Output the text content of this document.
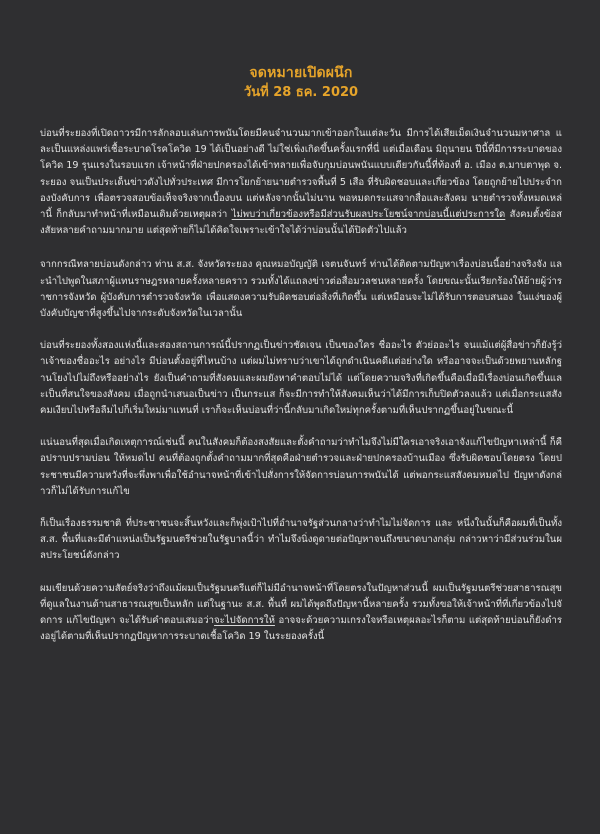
จดหมายเปิดผนึก
วันที่ 28 ธค. 2020

บ่อนที่ระยองที่เปิดถาวรมีการลักลอบเล่นการพนันโดยมีคนจำนวนมากเข้าออกในแต่ละวัน มีการได้เสียเม็ดเงินจำนวนมหาศาล และเป็นแหล่งแพร่เชื้อระบาดโรคโควิด 19 ได้เป็นอย่างดี ไม่ใช่เพิ่งเกิดขึ้นครั้งแรกที่นี่ แต่เมื่อเดือน มิถุนายน ปีนี้ที่มีการระบาดของโควิด 19 รุนแรงในรอบแรก เจ้าหน้าที่ฝ่ายปกครองได้เข้าทลายเพื่อจับกุมบ่อนพนันแบบเดียวกันนี้ที่ท้องที่ อ. เมือง ต.มาบตาพุด จ. ระยอง จนเป็นประเด็นข่าวดังไปทั่วประเทศ มีการโยกย้ายนายตำรวจพื้นที่ 5 เสือ ที่รับผิดชอบและเกี่ยวข้อง โดยถูกย้ายไปประจำกองบังคับการ เพื่อตรวจสอบข้อเท็จจริงจากเบื้องบน แต่หลังจากนั้นไม่นาน พอหมดกระแสจากสื่อและสังคม นายตำรวจทั้งหมดเหล่านี้ ก็กลับมาทำหน้าที่เหมือนเดิมด้วยเหตุผลว่า ไม่พบว่าเกี่ยวข้องหรือมีส่วนรับผลประโยชน์จากบ่อนนี้แต่ประการใด สังคมตั้งข้อสงสัยหลายคำถามมากมาย แต่สุดท้ายก็ไม่ได้คิดใจเพราะเข้าใจได้ว่าบ่อนนั้นได้ปิดตัวไปแล้ว

จากกรณีทลายบ่อนดังกล่าว ท่าน ส.ส. จังหวัดระยอง คุณหมอบัญญัติ เจตนจันทร์ ท่านได้ติดตามปัญหาเรื่องบ่อนนี้อย่างจริงจัง และนำไปพูดในสภาผู้แทนราษฎรหลายครั้งหลายคราว รวมทั้งได้แถลงข่าวต่อสื่อมวลชนหลายครั้ง โดยขณะนั้นเรียกร้องให้ย้ายผู้ว่าราชการจังหวัด ผู้บังคับการตำรวจจังหวัด เพื่อแสดงความรับผิดชอบต่อสิ่งที่เกิดขึ้น แต่เหมือนจะไม่ได้รับการตอบสนอง ในแง่ของผู้บังคับบัญชาที่สูงขึ้นไปจากระดับจังหวัดในเวลานั้น

บ่อนที่ระยองทั้งสองแห่งนี้และสองสถานการณ์นี้ปรากฏเป็นข่าวชัดเจน เป็นของใคร ชื่ออะไร ตัวย่ออะไร จนแม้แต่ผู้สื่อข่าวก็ยังรู้ว่าเจ้าของชื่ออะไร อย่างไร มีบ่อนตั้งอยู่ที่ไหนบ้าง แต่ผมไม่ทราบว่าเขาได้ถูกดำเนินคดีแต่อย่างใด หรืออาจจะเป็นด้วยพยานหลักฐานโยงไปไม่ถึงหรืออย่างไร ยังเป็นคำถามที่สังคมและผมยังหาคำตอบไม่ได้ แต่โดยความจริงที่เกิดขึ้นคือเมื่อมีเรื่องบ่อนเกิดขึ้นและเป็นที่สนใจของสังคม เมื่อถูกนำเสนอเป็นข่าว เป็นกระแส ก็จะมีการทำให้สังคมเห็นว่าได้มีการเก็บปิดตัวลงแล้ว แต่เมื่อกระแสสังคมเงียบไปหรือลืมไปก็เริ่มใหม่มาแทนที่ เราก็จะเห็นบ่อนที่ว่านี้กลับมาเกิดใหม่ทุกครั้งตามที่เห็นปรากฏขึ้นอยู่ในขณะนี้

แน่นอนที่สุดเมื่อเกิดเหตุการณ์เช่นนี้ คนในสังคมก็ต้องสงสัยและตั้งคำถามว่าทำไมจึงไม่มีใครเอาจริงเอาจังแก้ไขปัญหาเหล่านี้ ก็คือปราบปรามบ่อน ให้หมดไป คนที่ต้องถูกตั้งคำถามมากที่สุดคือฝ่ายตำรวจและฝ่ายปกครองบ้านเมือง ซึ่งรับผิดชอบโดยตรง โดยประชาชนมีความหวังที่จะพึ่งพาเพื่อใช้อำนาจหน้าที่เข้าไปสั่งการให้จัดการบ่อนการพนันได้ แต่พอกระแสสังคมหมดไป ปัญหาดังกล่าวก็ไม่ได้รับการแก้ไข

ก็เป็นเรื่องธรรมชาติ ที่ประชาชนจะสิ้นหวังและก็พุ่งเป้าไปที่อำนาจรัฐส่วนกลางว่าทำไมไม่จัดการ และ หนึ่งในนั้นก็คือผมที่เป็นทั้ง ส.ส. พื้นที่และมีตำแหน่งเป็นรัฐมนตรีช่วยในรัฐบาลนี้ว่า ทำไมจึงนิ่งดูดายต่อปัญหาจนถึงขนาดบางกลุ่ม กล่าวหาว่ามีส่วนร่วมในผลประโยชน์ดังกล่าว

ผมเขียนด้วยความสัตย์จริงว่าถึงแม้ผมเป็นรัฐมนตรีแต่ก็ไม่มีอำนาจหน้าที่โดยตรงในปัญหาส่วนนี้ ผมเป็นรัฐมนตรีช่วยสาธารณสุขที่ดูแลในงานด้านสาธารณสุขเป็นหลัก แต่ในฐานะ ส.ส. พื้นที่ ผมได้พูดถึงปัญหานี้หลายครั้ง รวมทั้งขอให้เจ้าหน้าที่ที่เกี่ยวข้องไปจัดการ แก้ไขปัญหา จะได้รับคำตอบเสมอว่าจะไปจัดการให้ อาจจะด้วยความเกรงใจหรือเหตุผลอะไรก็ตาม แต่สุดท้ายบ่อนก็ยังดำรงอยู่ได้ตามที่เห็นปรากฏปัญหาการระบาดเชื้อโควิด 19 ในระยองครั้งนี้
